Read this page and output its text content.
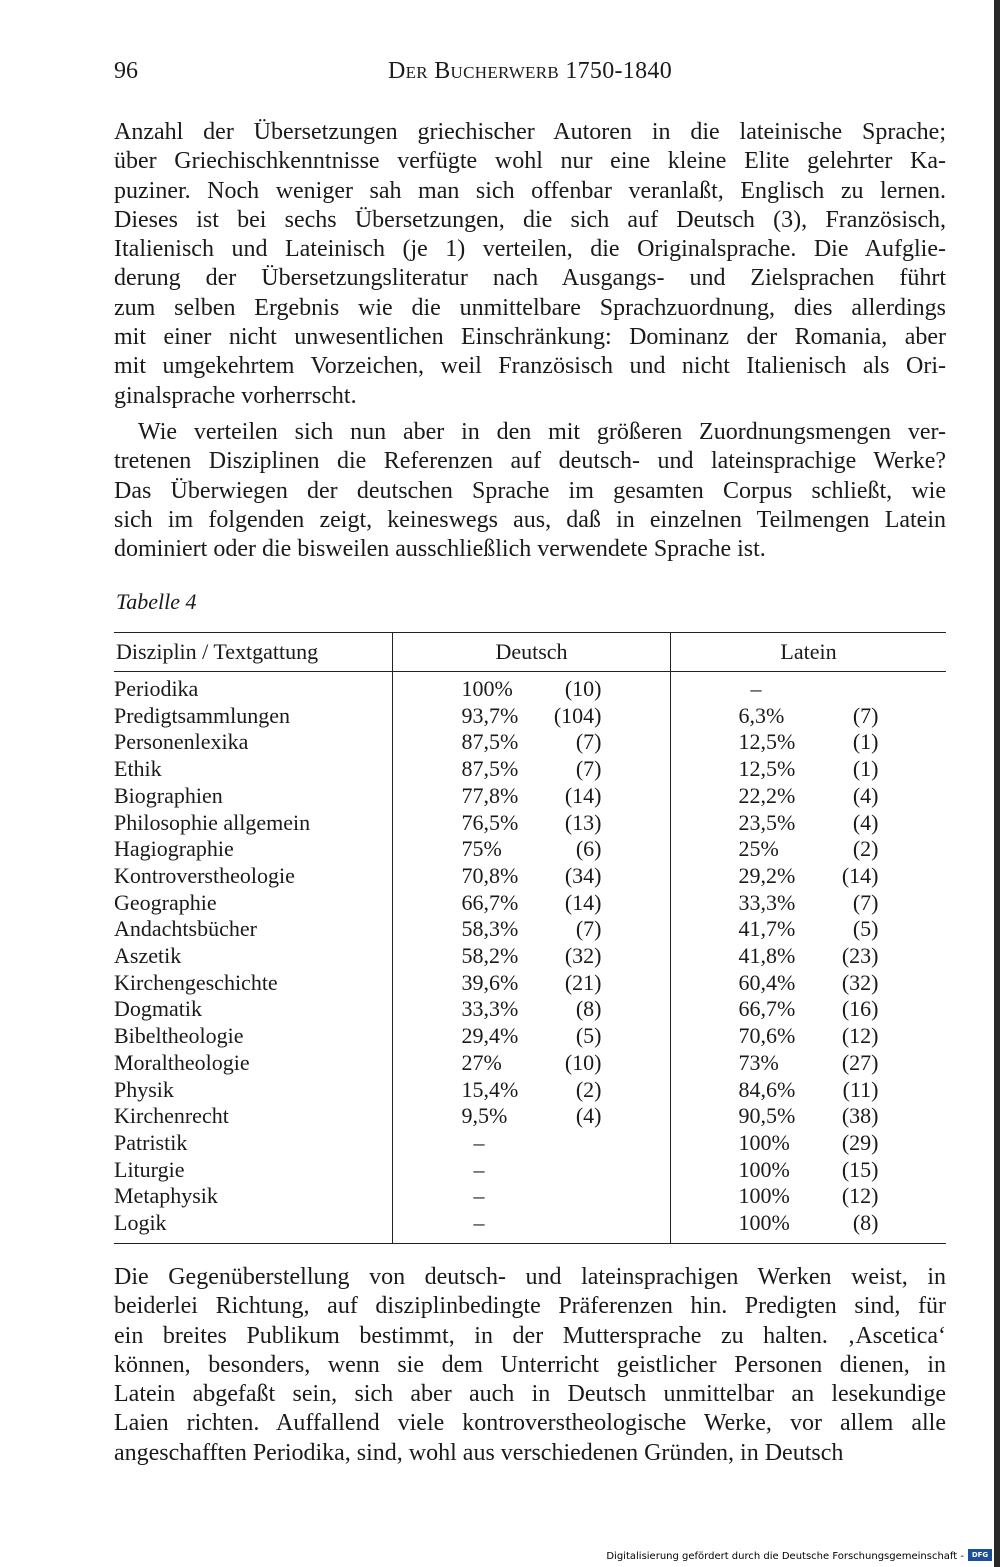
96	Der Bucherwerb 1750-1840
Anzahl der Übersetzungen griechischer Autoren in die lateinische Sprache;
über Griechischkenntnisse verfügte wohl nur eine kleine Elite gelehrter Ka-
puziner. Noch weniger sah man sich offenbar veranlaßt, Englisch zu lernen.
Dieses ist bei sechs Übersetzungen, die sich auf Deutsch (3), Französisch,
Italienisch und Lateinisch (je 1) verteilen, die Originalsprache. Die Aufglie-
derung der Übersetzungsliteratur nach Ausgangs- und Zielsprachen führt
zum selben Ergebnis wie die unmittelbare Sprachzuordnung, dies allerdings
mit einer nicht unwesentlichen Einschränkung: Dominanz der Romania, aber
mit umgekehrtem Vorzeichen, weil Französisch und nicht Italienisch als Ori-
ginalsprache vorherrscht.
Wie verteilen sich nun aber in den mit größeren Zuordnungsmengen ver-
tretenen Disziplinen die Referenzen auf deutsch- und lateinsprachige Werke?
Das Überwiegen der deutschen Sprache im gesamten Corpus schließt, wie
sich im folgenden zeigt, keineswegs aus, daß in einzelnen Teilmengen Latein
dominiert oder die bisweilen ausschließlich verwendete Sprache ist.
Tabelle 4
Disziplin / Textgattung	Deutsch	Latein
Periodika	100% (10)	–

Predigtsammlungen	93,7% (104)	6,3% (7)

Personenlexika	87,5% (7)	12,5% (1)

Ethik	87,5% (7)	12,5% (1)

Biographien	77,8% (14)	22,2% (4)

Philosophie allgemein	76,5% (13)	23,5% (4)

Hagiographie	75% (6)	25% (2)

Kontroverstheologie	70,8% (34)	29,2% (14)

Geographie	66,7% (14)	33,3% (7)

Andachtsbücher	58,3% (7)	41,7% (5)

Aszetik	58,2% (32)	41,8% (23)

Kirchengeschichte	39,6% (21)	60,4% (32)

Dogmatik	33,3% (8)	66,7% (16)

Bibeltheologie	29,4% (5)	70,6% (12)

Moraltheologie	27% (10)	73% (27)

Physik	15,4% (2)	84,6% (11)

Kirchenrecht	9,5% (4)	90,5% (38)

Patristik	–	100% (29)

Liturgie	–	100% (15)

Metaphysik	–	100% (12)

Logik	–	100% (8)
Die Gegenüberstellung von deutsch- und lateinsprachigen Werken weist, in
beiderlei Richtung, auf disziplinbedingte Präferenzen hin. Predigten sind, für
ein breites Publikum bestimmt, in der Muttersprache zu halten. ‚Ascetica‘
können, besonders, wenn sie dem Unterricht geistlicher Personen dienen, in
Latein abgefaßt sein, sich aber auch in Deutsch unmittelbar an lesekundige
Laien richten. Auffallend viele kontroverstheologische Werke, vor allem alle
angeschafften Periodika, sind, wohl aus verschiedenen Gründen, in Deutsch
Digitalisierung gefördert durch die Deutsche Forschungsgemeinschaft -	DFG
